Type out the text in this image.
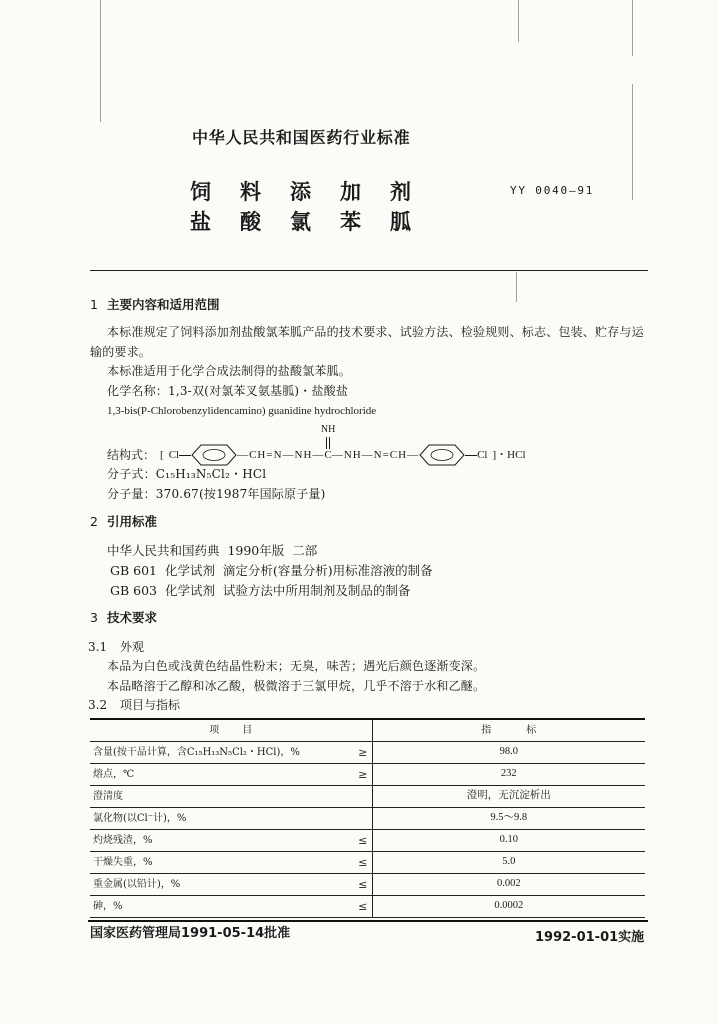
中华人民共和国医药行业标准
饲料添加剂
盐酸氯苯胍
YY 0040—91
1 主要内容和适用范围
本标准规定了饲料添加剂盐酸氯苯胍产品的技术要求、试验方法、检验规则、标志、包装、贮存与运
输的要求。
本标准适用于化学合成法制得的盐酸氯苯胍。
化学名称：1,3-双(对氯苯叉氨基胍)・盐酸盐
1,3-bis(P-Chlorobenzylidencamino) guanidine hydrochloride
结构式： [ Cl	—CH=N—NH— C
NH
—NH—N=CH—	Cl ] ・HCl
分子式：C₁₅H₁₃N₅Cl₂・HCl
分子量：370.67(按1987年国际原子量)
2 引用标准
中华人民共和国药典  1990年版  二部
GB 601  化学试剂  滴定分析(容量分析)用标准溶液的制备
GB 603  化学试剂  试验方法中所用制剂及制品的制备
3 技术要求
3.1 外观
本品为白色或浅黄色结晶性粉末；无臭，味苦；遇光后颜色逐渐变深。
本品略溶于乙醇和冰乙酸，极微溶于三氯甲烷，几乎不溶于水和乙醚。
3.2 项目与指标
项目		指标
含量(按干品计算，含C₁₅H₁₃N₅Cl₂・HCl)，%	≥	98.0
熔点，℃	≥	232
澄清度		澄明，无沉淀析出
氯化物(以Cl⁻计)，%		9.5～9.8
灼烧残渣，%	≤	0.10
干燥失重，%	≤	5.0
重金属(以铅计)，%	≤	0.002
砷，%	≤	0.0002
国家医药管理局1991-05-14批准	1992-01-01实施
